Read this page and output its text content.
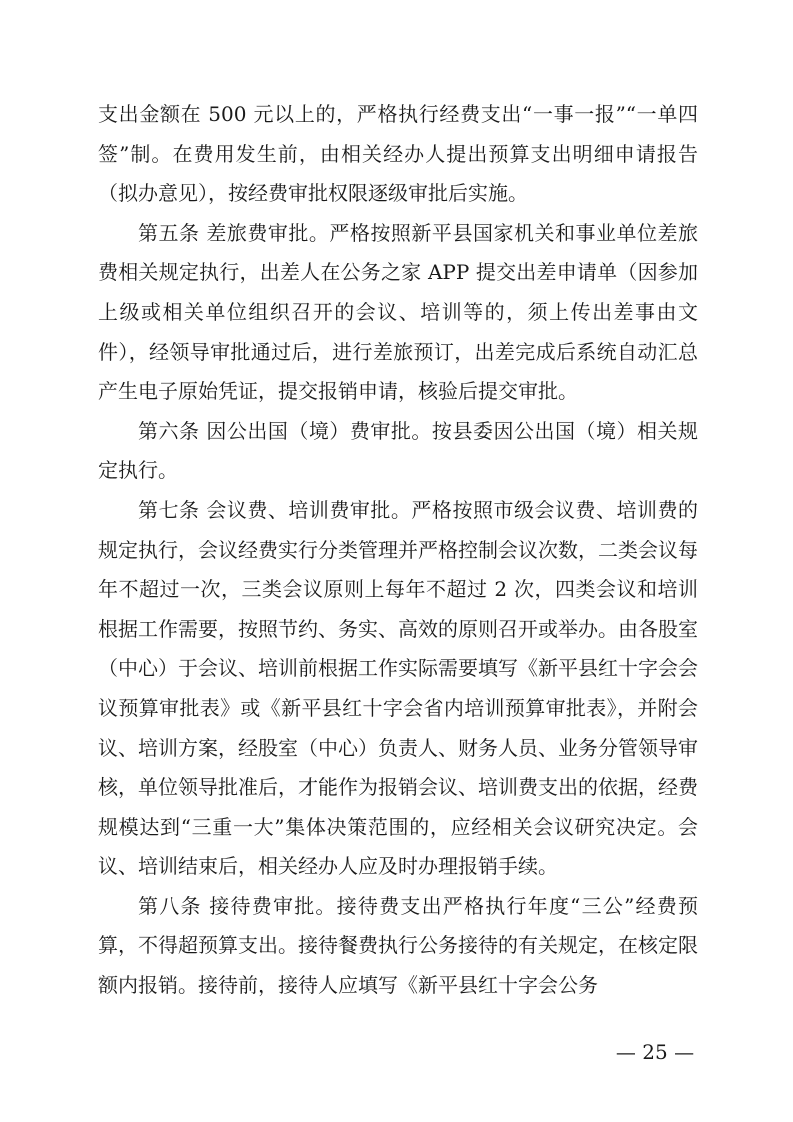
支出金额在 500 元以上的，严格执行经费支出“一事一报”“一单四签”制。在费用发生前，由相关经办人提出预算支出明细申请报告（拟办意见），按经费审批权限逐级审批后实施。

第五条 差旅费审批。严格按照新平县国家机关和事业单位差旅费相关规定执行，出差人在公务之家 APP 提交出差申请单（因参加上级或相关单位组织召开的会议、培训等的，须上传出差事由文件），经领导审批通过后，进行差旅预订，出差完成后系统自动汇总产生电子原始凭证，提交报销申请，核验后提交审批。

第六条 因公出国（境）费审批。按县委因公出国（境）相关规定执行。

第七条 会议费、培训费审批。严格按照市级会议费、培训费的规定执行，会议经费实行分类管理并严格控制会议次数，二类会议每年不超过一次，三类会议原则上每年不超过 2 次，四类会议和培训根据工作需要，按照节约、务实、高效的原则召开或举办。由各股室（中心）于会议、培训前根据工作实际需要填写《新平县红十字会会议预算审批表》或《新平县红十字会省内培训预算审批表》，并附会议、培训方案，经股室（中心）负责人、财务人员、业务分管领导审核，单位领导批准后，才能作为报销会议、培训费支出的依据，经费规模达到“三重一大”集体决策范围的，应经相关会议研究决定。会议、培训结束后，相关经办人应及时办理报销手续。

第八条 接待费审批。接待费支出严格执行年度“三公”经费预算，不得超预算支出。接待餐费执行公务接待的有关规定，在核定限额内报销。接待前，接待人应填写《新平县红十字会公务

— 25 —
